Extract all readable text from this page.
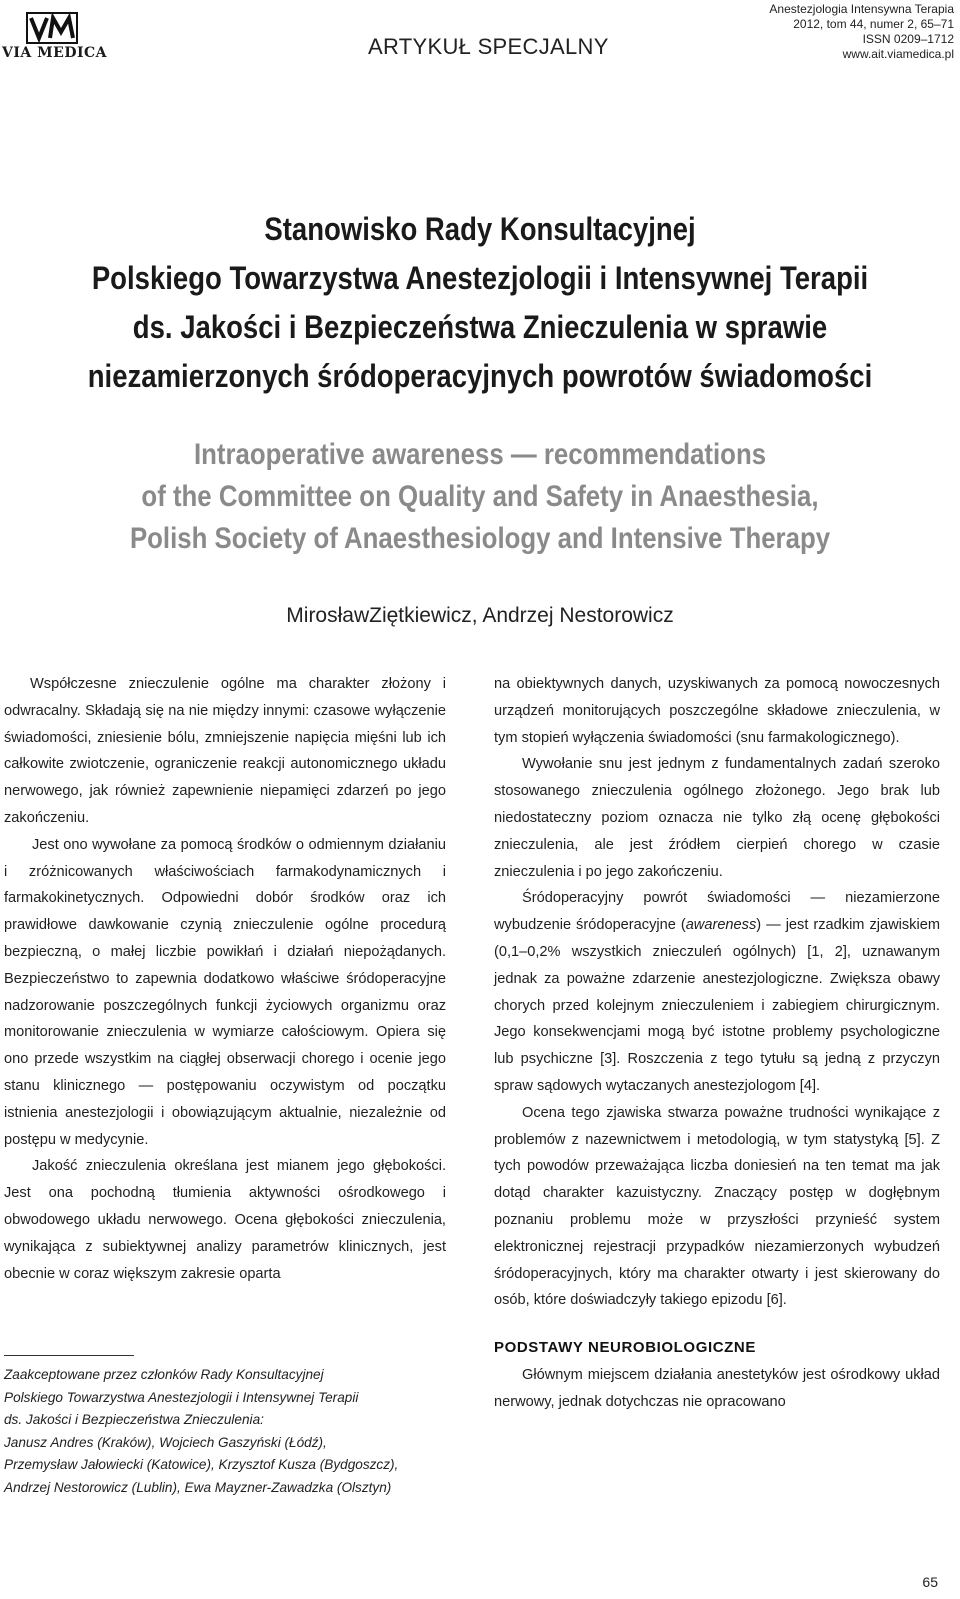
VIA MEDICA	ARTYKUŁ SPECJALNY
Anestezjologia Intensywna Terapia
2012, tom 44, numer 2, 65–71
ISSN 0209–1712
www.ait.viamedica.pl
Stanowisko Rady Konsultacyjnej
Polskiego Towarzystwa Anestezjologii i Intensywnej Terapii
ds. Jakości i Bezpieczeństwa Znieczulenia w sprawie
niezamierzonych śródoperacyjnych powrotów świadomości
Intraoperative awareness — recommendations
of the Committee on Quality and Safety in Anaesthesia,
Polish Society of Anaesthesiology and Intensive Therapy
MirosławZiętkiewicz, Andrzej Nestorowicz

Współczesne znieczulenie ogólne ma charakter złożony i odwracalny. Składają się na nie między innymi: czasowe wyłączenie świadomości, zniesienie bólu, zmniejszenie napięcia mięśni lub ich całkowite zwiotczenie, ograniczenie reakcji autonomicznego układu nerwowego, jak również zapewnienie niepamięci zdarzeń po jego zakończeniu.

Jest ono wywołane za pomocą środków o odmiennym działaniu i zróżnicowanych właściwościach farmakodynamicznych i farmakokinetycznych. Odpowiedni dobór środków oraz ich prawidłowe dawkowanie czynią znieczulenie ogólne procedurą bezpieczną, o małej liczbie powikłań i działań niepożądanych. Bezpieczeństwo to zapewnia dodatkowo właściwe śródoperacyjne nadzorowanie poszczególnych funkcji życiowych organizmu oraz monitorowanie znieczulenia w wymiarze całościowym. Opiera się ono przede wszystkim na ciągłej obserwacji chorego i ocenie jego stanu klinicznego — postępowaniu oczywistym od początku istnienia anestezjologii i obowiązującym aktualnie, niezależnie od postępu w medycynie.

Jakość znieczulenia określana jest mianem jego głębokości. Jest ona pochodną tłumienia aktywności ośrodkowego i obwodowego układu nerwowego. Ocena głębokości znieczulenia, wynikająca z subiektywnej analizy parametrów klinicznych, jest obecnie w coraz większym zakresie oparta

Zaakceptowane przez członków Rady Konsultacyjnej
Polskiego Towarzystwa Anestezjologii i Intensywnej Terapii
ds. Jakości i Bezpieczeństwa Znieczulenia:
Janusz Andres (Kraków), Wojciech Gaszyński (Łódź),
Przemysław Jałowiecki (Katowice), Krzysztof Kusza (Bydgoszcz),
Andrzej Nestorowicz (Lublin), Ewa Mayzner-Zawadzka (Olsztyn)

na obiektywnych danych, uzyskiwanych za pomocą nowoczesnych urządzeń monitorujących poszczególne składowe znieczulenia, w tym stopień wyłączenia świadomości (snu farmakologicznego).

Wywołanie snu jest jednym z fundamentalnych zadań szeroko stosowanego znieczulenia ogólnego złożonego. Jego brak lub niedostateczny poziom oznacza nie tylko złą ocenę głębokości znieczulenia, ale jest źródłem cierpień chorego w czasie znieczulenia i po jego zakończeniu.

Śródoperacyjny powrót świadomości — niezamierzone wybudzenie śródoperacyjne (awareness) — jest rzadkim zjawiskiem (0,1–0,2% wszystkich znieczuleń ogólnych) [1, 2], uznawanym jednak za poważne zdarzenie anestezjologiczne. Zwiększa obawy chorych przed kolejnym znieczuleniem i zabiegiem chirurgicznym. Jego konsekwencjami mogą być istotne problemy psychologiczne lub psychiczne [3]. Roszczenia z tego tytułu są jedną z przyczyn spraw sądowych wytaczanych anestezjologom [4].

Ocena tego zjawiska stwarza poważne trudności wynikające z problemów z nazewnictwem i metodologią, w tym statystyką [5]. Z tych powodów przeważająca liczba doniesień na ten temat ma jak dotąd charakter kazuistyczny. Znaczący postęp w dogłębnym poznaniu problemu może w przyszłości przynieść system elektronicznej rejestracji przypadków niezamierzonych wybudzeń śródoperacyjnych, który ma charakter otwarty i jest skierowany do osób, które doświadczyły takiego epizodu [6].

PODSTAWY NEUROBIOLOGICZNE

Głównym miejscem działania anestetyków jest ośrodkowy układ nerwowy, jednak dotychczas nie opracowano

65
